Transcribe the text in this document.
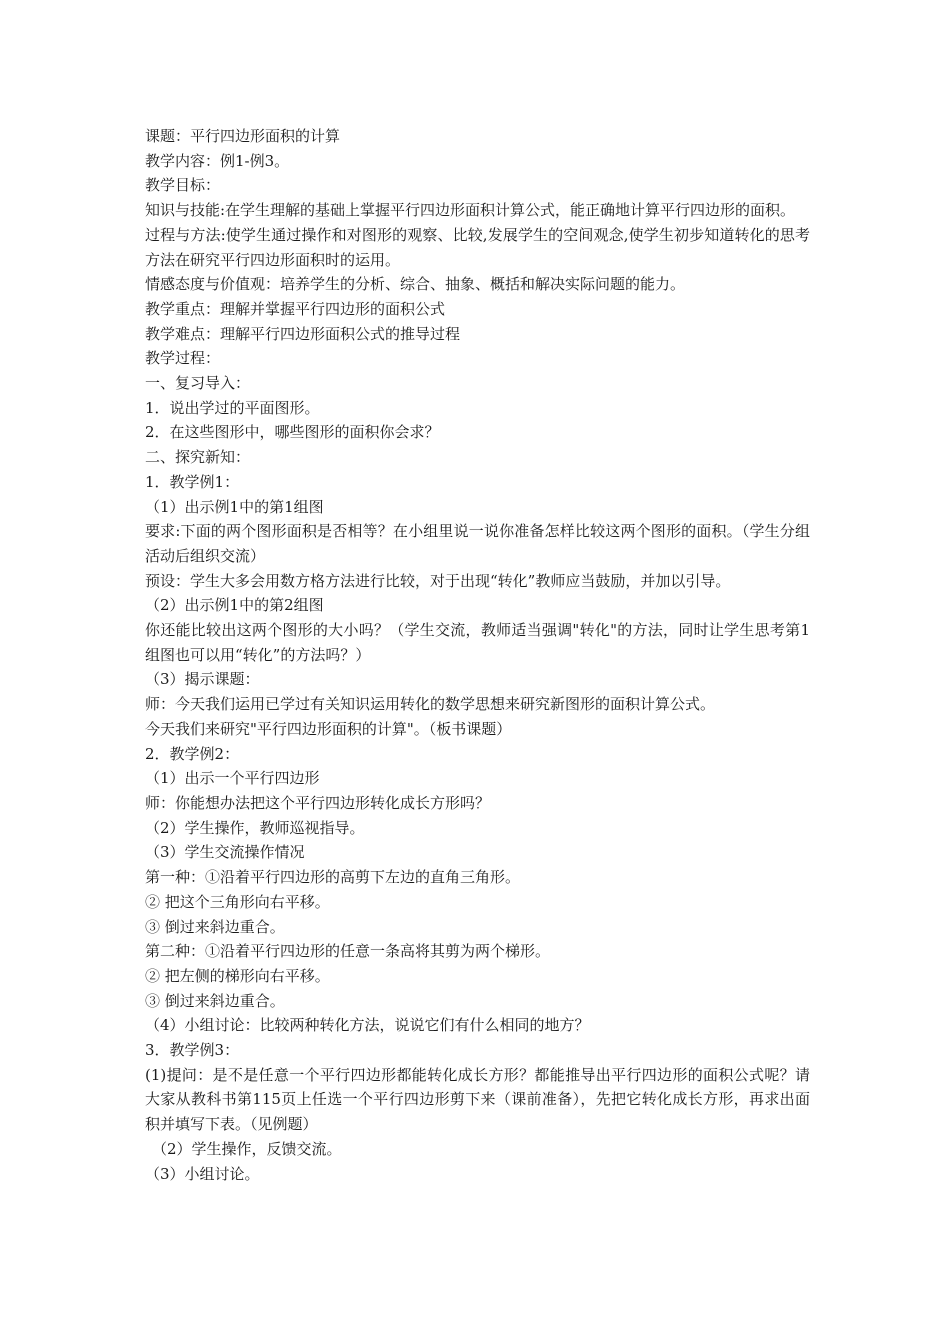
课题：平行四边形面积的计算

教学内容：例1-例3。

教学目标：

知识与技能:在学生理解的基础上掌握平行四边形面积计算公式，能正确地计算平行四边形的面积。

过程与方法:使学生通过操作和对图形的观察、比较,发展学生的空间观念,使学生初步知道转化的思考方法在研究平行四边形面积时的运用。

情感态度与价值观：培养学生的分析、综合、抽象、概括和解决实际问题的能力。

教学重点：理解并掌握平行四边形的面积公式

教学难点：理解平行四边形面积公式的推导过程

教学过程：

一、复习导入：

1．说出学过的平面图形。

2．在这些图形中，哪些图形的面积你会求？

二、探究新知：

1．教学例1：

（1）出示例1中的第1组图

要求:下面的两个图形面积是否相等？在小组里说一说你准备怎样比较这两个图形的面积。（学生分组活动后组织交流）

预设：学生大多会用数方格方法进行比较，对于出现“转化”教师应当鼓励，并加以引导。

（2）出示例1中的第2组图

你还能比较出这两个图形的大小吗？（学生交流，教师适当强调"转化"的方法，同时让学生思考第1组图也可以用“转化”的方法吗？）

（3）揭示课题：

师：今天我们运用已学过有关知识运用转化的数学思想来研究新图形的面积计算公式。

今天我们来研究"平行四边形面积的计算"。（板书课题）

2．教学例2：

（1）出示一个平行四边形

师：你能想办法把这个平行四边形转化成长方形吗？

（2）学生操作，教师巡视指导。

（3）学生交流操作情况

第一种：①沿着平行四边形的高剪下左边的直角三角形。

② 把这个三角形向右平移。

③ 倒过来斜边重合。

第二种：①沿着平行四边形的任意一条高将其剪为两个梯形。

② 把左侧的梯形向右平移。

③ 倒过来斜边重合。

（4）小组讨论：比较两种转化方法，说说它们有什么相同的地方？

3．教学例3：

(1)提问：是不是任意一个平行四边形都能转化成长方形？都能推导出平行四边形的面积公式呢？请大家从教科书第115页上任选一个平行四边形剪下来（课前准备），先把它转化成长方形，再求出面积并填写下表。（见例题）

（2）学生操作，反馈交流。

（3）小组讨论。
